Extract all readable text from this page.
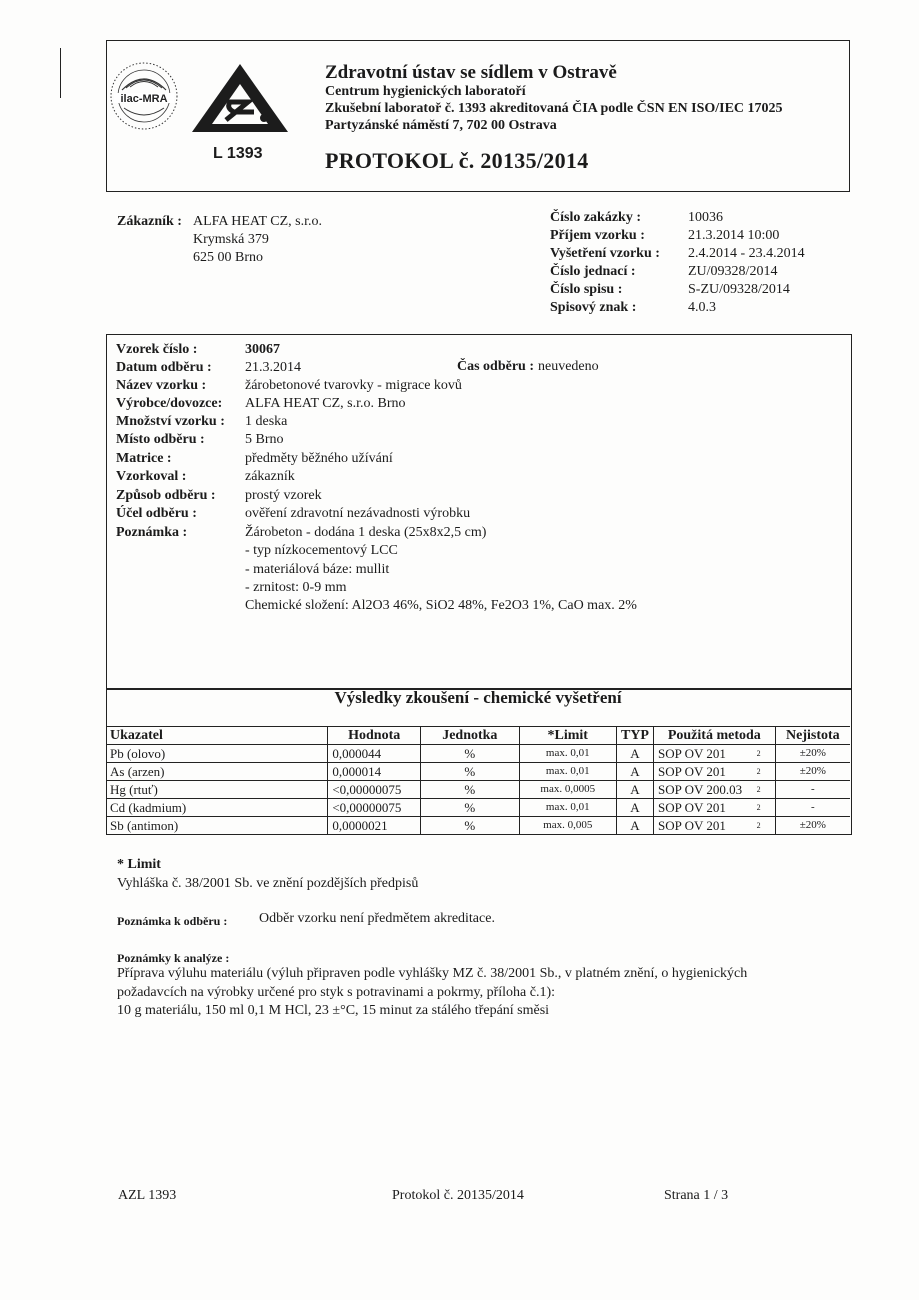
ilac-MRA
L 1393
Zdravotní ústav se sídlem v Ostravě
Centrum hygienických laboratoří
Zkušební laboratoř č. 1393 akreditovaná ČIA podle ČSN EN ISO/IEC 17025
Partyzánské náměstí 7, 702 00 Ostrava
PROTOKOL č. 20135/2014
Zákazník : ALFA HEAT CZ, s.r.o.
Krymská 379
625 00 Brno
Číslo zakázky :	10036
Příjem vzorku :	21.3.2014 10:00
Vyšetření vzorku : 2.4.2014 - 23.4.2014
Číslo jednací :	ZU/09328/2014
Číslo spisu :	S-ZU/09328/2014
Spisový znak :	4.0.3
Vzorek číslo :	30067
Datum odběru : 21.3.2014	Čas odběru : neuvedeno
Název vzorku :	žárobetonové tvarovky - migrace kovů
Výrobce/dovozce: ALFA HEAT CZ, s.r.o. Brno
Množství vzorku : 1 deska
Místo odběru :	5 Brno
Matrice :	předměty běžného užívání
Vzorkoval :	zákazník
Způsob odběru : prostý vzorek
Účel odběru :	ověření zdravotní nezávadnosti výrobku
Poznámka :	Žárobeton - dodána 1 deska (25x8x2,5 cm)
- typ nízkocementový LCC
- materiálová báze: mullit
- zrnitost: 0-9 mm
Chemické složení: Al2O3 46%, SiO2 48%, Fe2O3 1%, CaO max. 2%
Výsledky zkoušení - chemické vyšetření
Ukazatel	Hodnota	Jednotka	*Limit	TYP	Použitá metoda	Nejistota
Pb (olovo)	0,000044	%	max. 0,01	A	SOP OV 201 2	±20%
As (arzen)	0,000014	%	max. 0,01	A	SOP OV 201 2	±20%
Hg (rtuť)	<0,00000075	%	max. 0,0005	A	SOP OV 200.03 2	-
Cd (kadmium)	<0,00000075	%	max. 0,01	A	SOP OV 201 2	-
Sb (antimon)	0,0000021	%	max. 0,005	A	SOP OV 201 2	±20%
* Limit
Vyhláška č. 38/2001 Sb. ve znění pozdějších předpisů
Poznámka k odběru : Odběr vzorku není předmětem akreditace.
Poznámky k analýze :
Příprava výluhu materiálu (výluh připraven podle vyhlášky MZ č. 38/2001 Sb., v platném znění, o hygienických
požadavcích na výrobky určené pro styk s potravinami a pokrmy, příloha č.1):
10 g materiálu, 150 ml 0,1 M HCl, 23 ±°C, 15 minut za stálého třepání směsi
AZL 1393	Protokol č. 20135/2014	Strana 1 / 3
